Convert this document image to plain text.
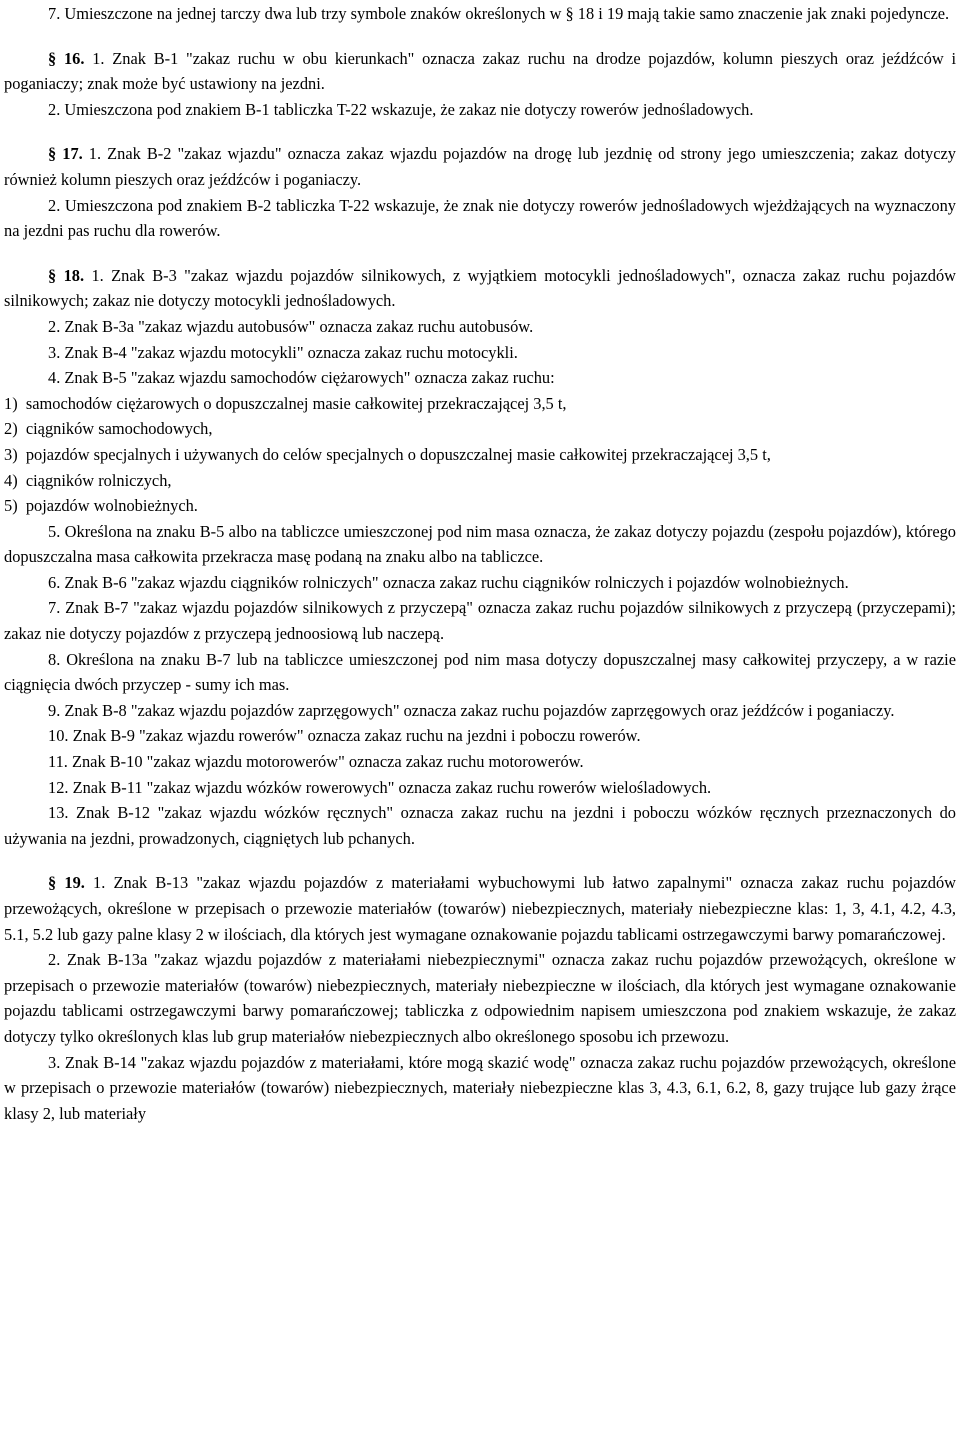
7. Umieszczone na jednej tarczy dwa lub trzy symbole znaków określonych w § 18 i 19 mają takie samo znaczenie jak znaki pojedyncze.

§ 16. 1. Znak B-1 "zakaz ruchu w obu kierunkach" oznacza zakaz ruchu na drodze pojazdów, kolumn pieszych oraz jeźdźców i poganiaczy; znak może być ustawiony na jezdni.

2. Umieszczona pod znakiem B-1 tabliczka T-22 wskazuje, że zakaz nie dotyczy rowerów jednośladowych.

§ 17. 1. Znak B-2 "zakaz wjazdu" oznacza zakaz wjazdu pojazdów na drogę lub jezdnię od strony jego umieszczenia; zakaz dotyczy również kolumn pieszych oraz jeźdźców i poganiaczy.

2. Umieszczona pod znakiem B-2 tabliczka T-22 wskazuje, że znak nie dotyczy rowerów jednośladowych wjeżdżających na wyznaczony na jezdni pas ruchu dla rowerów.

§ 18. 1. Znak B-3 "zakaz wjazdu pojazdów silnikowych, z wyjątkiem motocykli jednośladowych", oznacza zakaz ruchu pojazdów silnikowych; zakaz nie dotyczy motocykli jednośladowych.

2. Znak B-3a "zakaz wjazdu autobusów" oznacza zakaz ruchu autobusów.

3. Znak B-4 "zakaz wjazdu motocykli" oznacza zakaz ruchu motocykli.

4. Znak B-5 "zakaz wjazdu samochodów ciężarowych" oznacza zakaz ruchu:

1)  samochodów ciężarowych o dopuszczalnej masie całkowitej przekraczającej 3,5 t,

2)  ciągników samochodowych,

3)  pojazdów specjalnych i używanych do celów specjalnych o dopuszczalnej masie całkowitej przekraczającej 3,5 t,

4)  ciągników rolniczych,

5)  pojazdów wolnobieżnych.

5. Określona na znaku B-5 albo na tabliczce umieszczonej pod nim masa oznacza, że zakaz dotyczy pojazdu (zespołu pojazdów), którego dopuszczalna masa całkowita przekracza masę podaną na znaku albo na tabliczce.

6. Znak B-6 "zakaz wjazdu ciągników rolniczych" oznacza zakaz ruchu ciągników rolniczych i pojazdów wolnobieżnych.

7. Znak B-7 "zakaz wjazdu pojazdów silnikowych z przyczepą" oznacza zakaz ruchu pojazdów silnikowych z przyczepą (przyczepami); zakaz nie dotyczy pojazdów z przyczepą jednoosiową lub naczepą.

8. Określona na znaku B-7 lub na tabliczce umieszczonej pod nim masa dotyczy dopuszczalnej masy całkowitej przyczepy, a w razie ciągnięcia dwóch przyczep - sumy ich mas.

9. Znak B-8 "zakaz wjazdu pojazdów zaprzęgowych" oznacza zakaz ruchu pojazdów zaprzęgowych oraz jeźdźców i poganiaczy.

10. Znak B-9 "zakaz wjazdu rowerów" oznacza zakaz ruchu na jezdni i poboczu rowerów.

11. Znak B-10 "zakaz wjazdu motorowerów" oznacza zakaz ruchu motorowerów.

12. Znak B-11 "zakaz wjazdu wózków rowerowych" oznacza zakaz ruchu rowerów wielośladowych.

13. Znak B-12 "zakaz wjazdu wózków ręcznych" oznacza zakaz ruchu na jezdni i poboczu wózków ręcznych przeznaczonych do używania na jezdni, prowadzonych, ciągniętych lub pchanych.

§ 19. 1. Znak B-13 "zakaz wjazdu pojazdów z materiałami wybuchowymi lub łatwo zapalnymi" oznacza zakaz ruchu pojazdów przewożących, określone w przepisach o przewozie materiałów (towarów) niebezpiecznych, materiały niebezpieczne klas: 1, 3, 4.1, 4.2, 4.3, 5.1, 5.2 lub gazy palne klasy 2 w ilościach, dla których jest wymagane oznakowanie pojazdu tablicami ostrzegawczymi barwy pomarańczowej.

2. Znak B-13a "zakaz wjazdu pojazdów z materiałami niebezpiecznymi" oznacza zakaz ruchu pojazdów przewożących, określone w przepisach o przewozie materiałów (towarów) niebezpiecznych, materiały niebezpieczne w ilościach, dla których jest wymagane oznakowanie pojazdu tablicami ostrzegawczymi barwy pomarańczowej; tabliczka z odpowiednim napisem umieszczona pod znakiem wskazuje, że zakaz dotyczy tylko określonych klas lub grup materiałów niebezpiecznych albo określonego sposobu ich przewozu.

3. Znak B-14 "zakaz wjazdu pojazdów z materiałami, które mogą skazić wodę" oznacza zakaz ruchu pojazdów przewożących, określone w przepisach o przewozie materiałów (towarów) niebezpiecznych, materiały niebezpieczne klas 3, 4.3, 6.1, 6.2, 8, gazy trujące lub gazy żrące klasy 2, lub materiały
